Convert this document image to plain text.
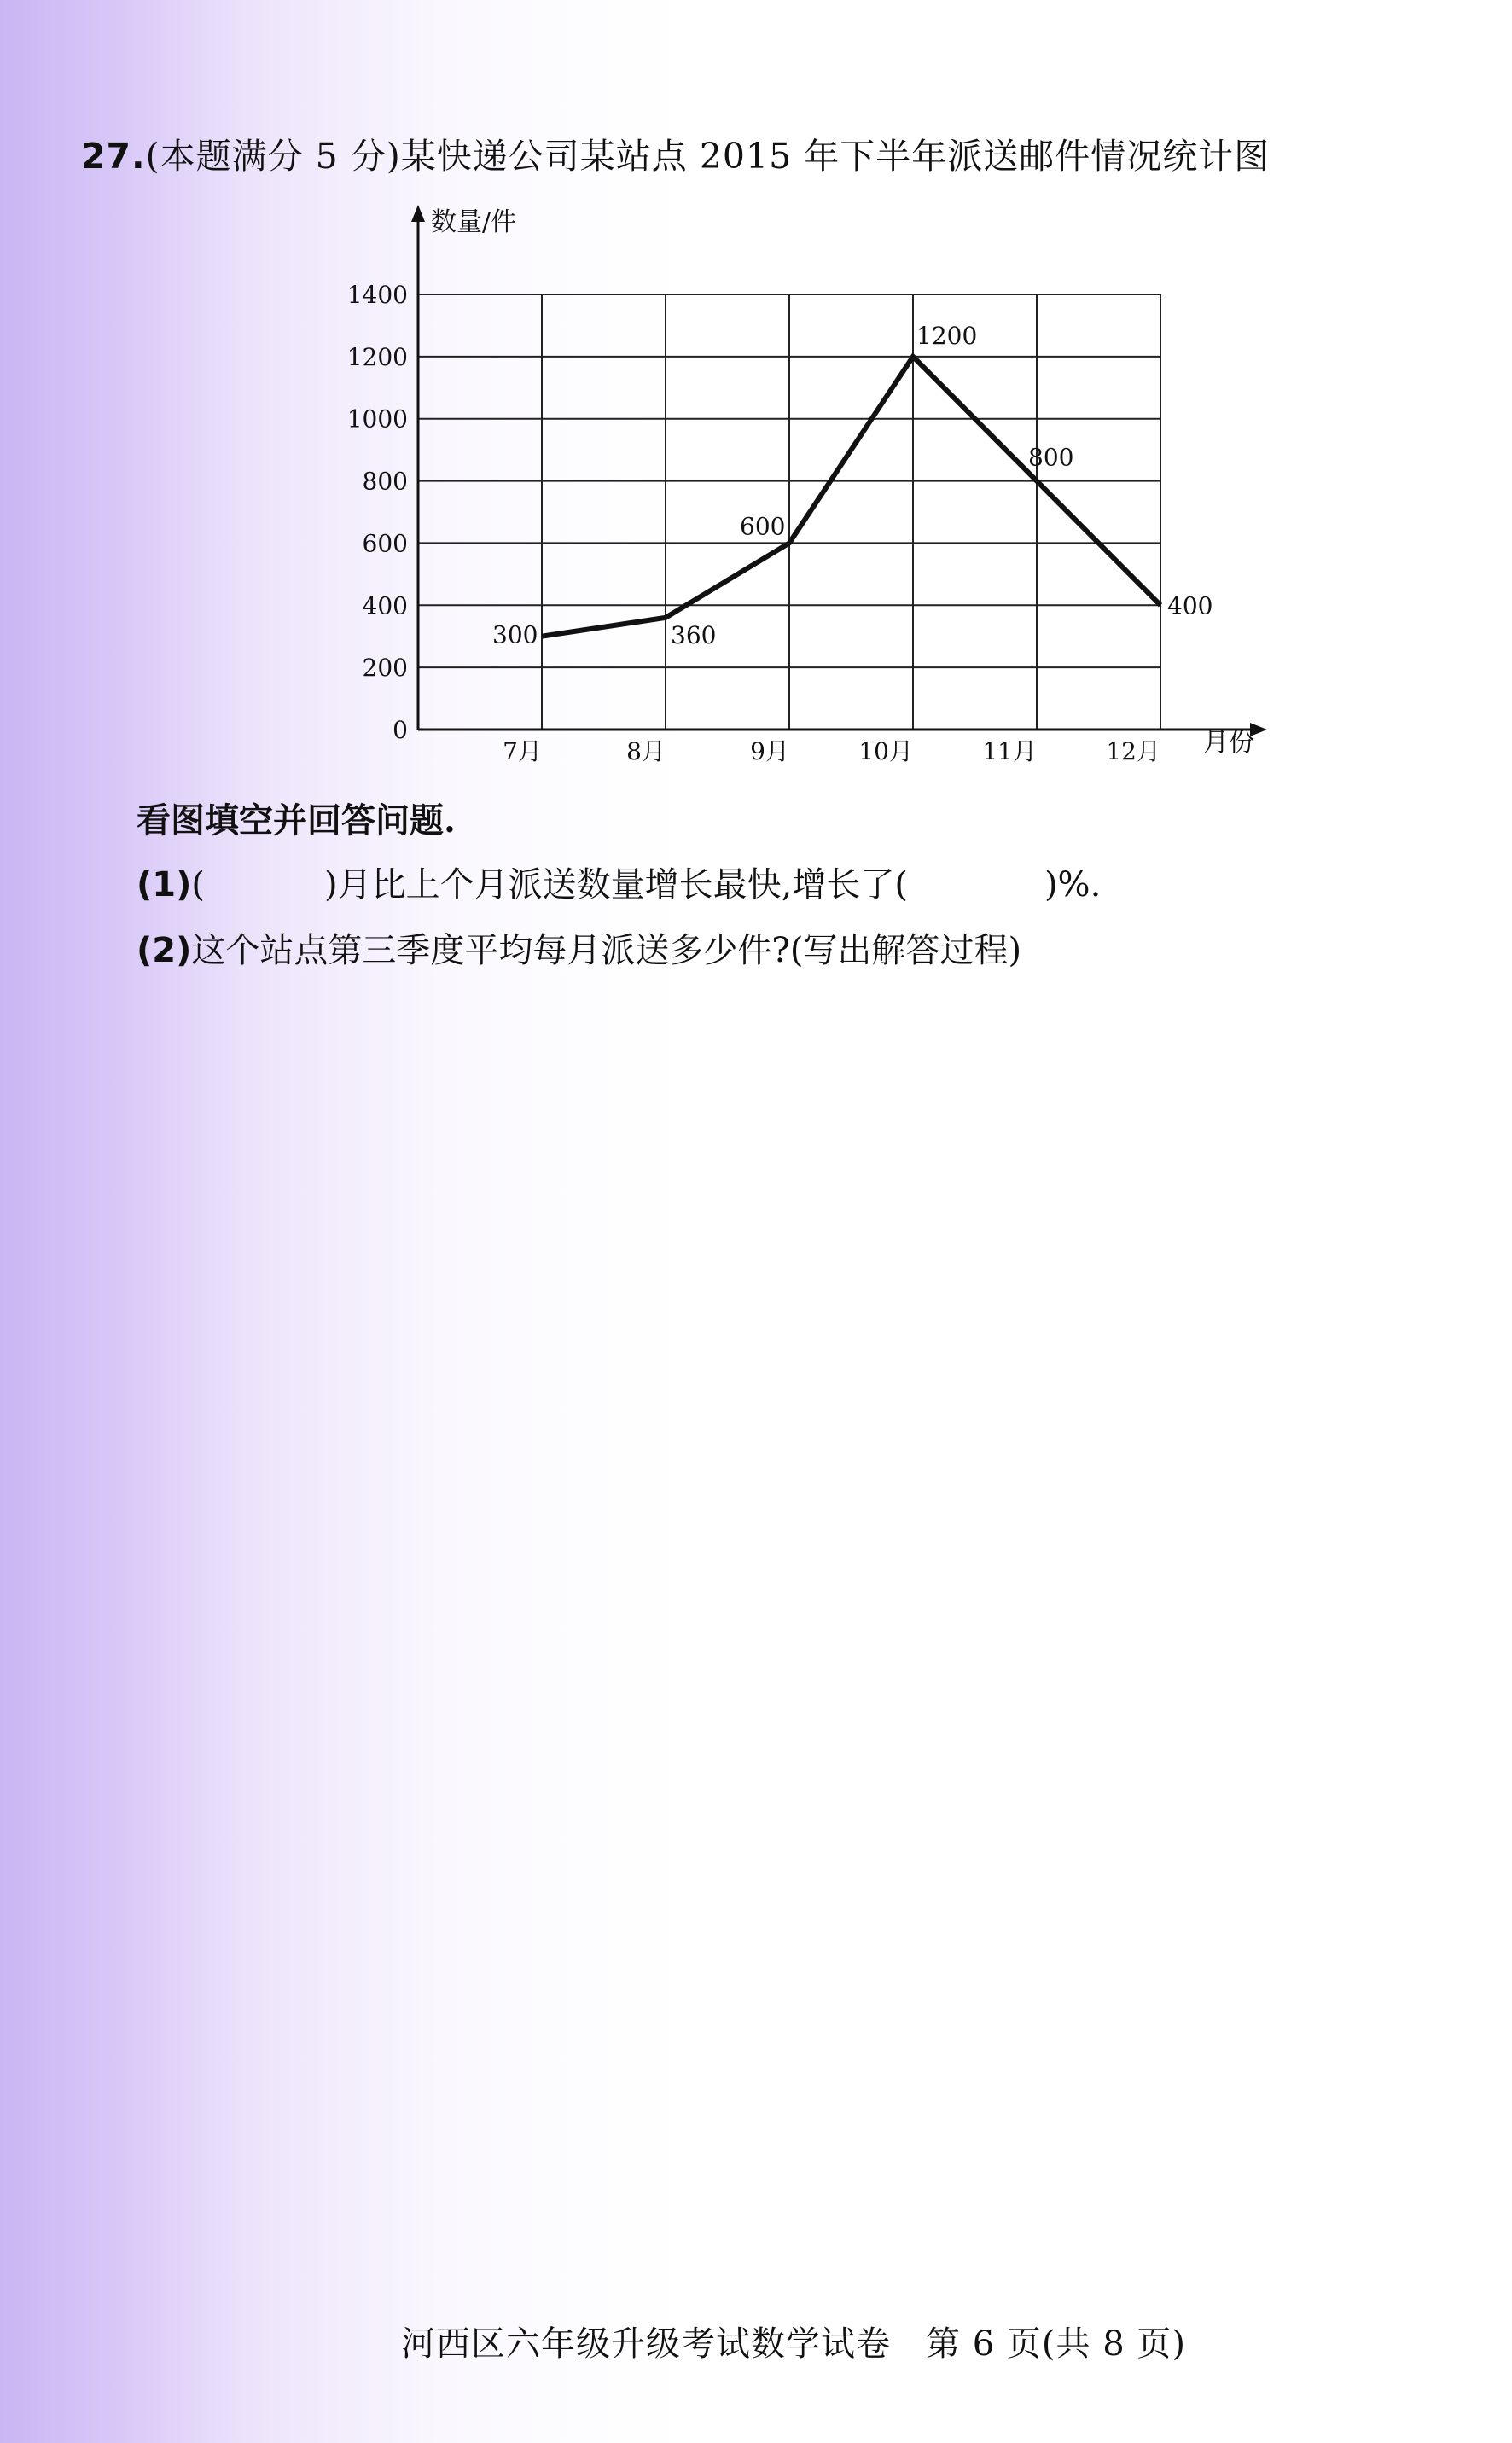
27.(本题满分 5 分)某快递公司某站点 2015 年下半年派送邮件情况统计图
数量/件
月份
0
200
400
600
800
1000
1200
1400
7月	8月	9月	10月	11月	12月
300	360
600
1200
800
400
看图填空并回答问题.
(1)(	)月比上个月派送数量增长最快,增长了(	)%.
(2)这个站点第三季度平均每月派送多少件?(写出解答过程)
河西区六年级升级考试数学试卷　第 6 页(共 8 页)
